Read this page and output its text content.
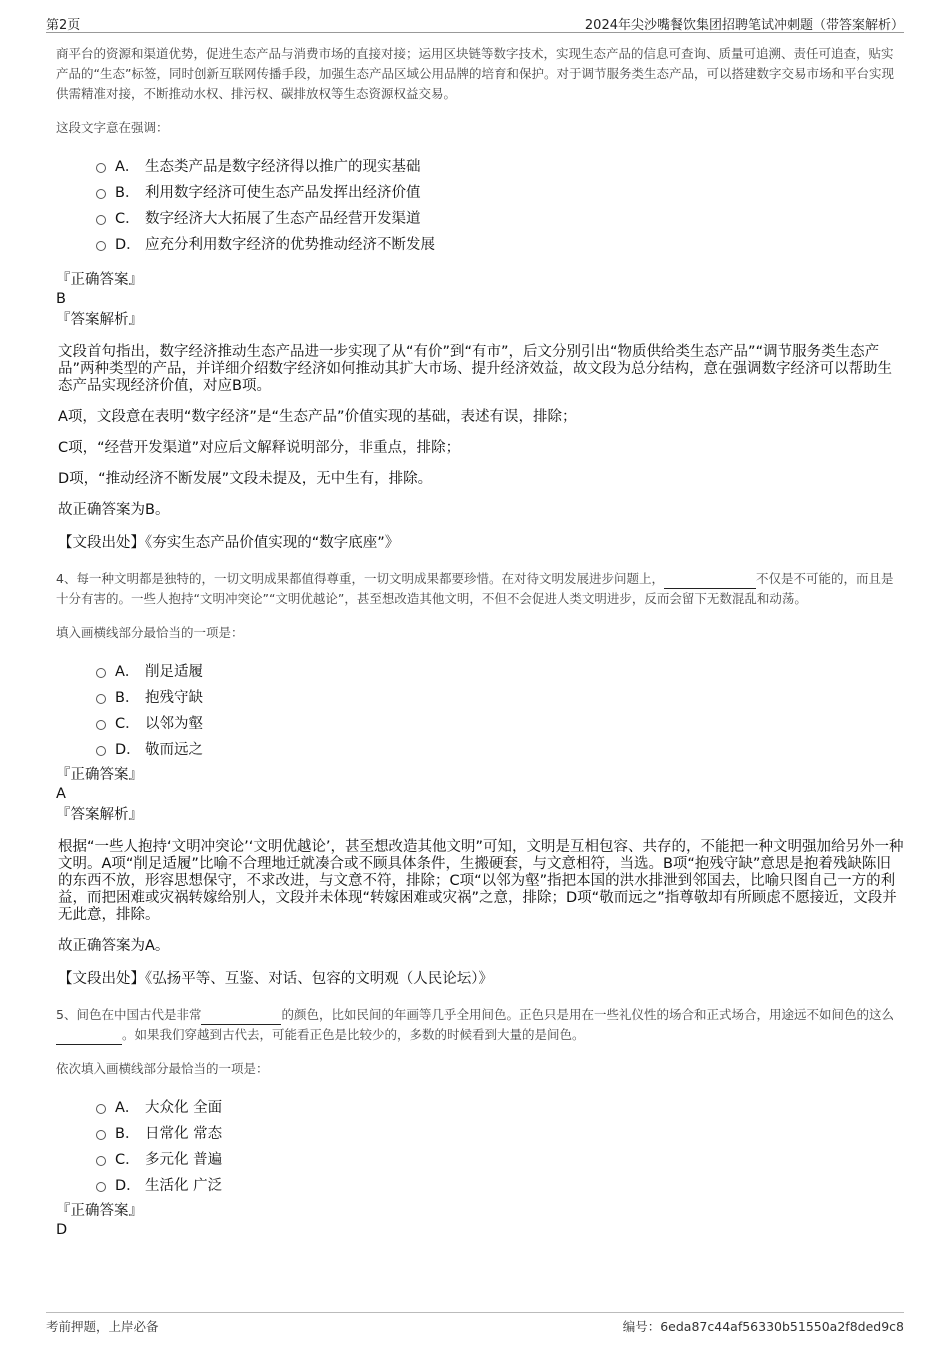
第2页	2024年尖沙嘴餐饮集团招聘笔试冲刺题（带答案解析）

商平台的资源和渠道优势，促进生态产品与消费市场的直接对接；运用区块链等数字技术，实现生态产品的信息可查询、质量可追溯、责任可追查，贴实产品的“生态”标签，同时创新互联网传播手段，加强生态产品区域公用品牌的培育和保护。对于调节服务类生态产品，可以搭建数字交易市场和平台实现供需精准对接，不断推动水权、排污权、碳排放权等生态资源权益交易。

这段文字意在强调：

A． 生态类产品是数字经济得以推广的现实基础
B． 利用数字经济可使生态产品发挥出经济价值
C． 数字经济大大拓展了生态产品经营开发渠道
D． 应充分利用数字经济的优势推动经济不断发展
『正确答案』
B
『答案解析』

文段首句指出，数字经济推动生态产品进一步实现了从“有价”到“有市”，后文分别引出“物质供给类生态产品”“调节服务类生态产品”两种类型的产品，并详细介绍数字经济如何推动其扩大市场、提升经济效益，故文段为总分结构，意在强调数字经济可以帮助生态产品实现经济价值，对应B项。

A项，文段意在表明“数字经济”是“生态产品”价值实现的基础，表述有误，排除；

C项，“经营开发渠道”对应后文解释说明部分，非重点，排除；

D项，“推动经济不断发展”文段未提及，无中生有，排除。

故正确答案为B。

【文段出处】《夯实生态产品价值实现的“数字底座”》

4、每一种文明都是独特的，一切文明成果都值得尊重，一切文明成果都要珍惜。在对待文明发展进步问题上，	不仅是不可能的，而且是十分有害的。一些人抱持“文明冲突论”“文明优越论”，甚至想改造其他文明，不但不会促进人类文明进步，反而会留下无数混乱和动荡。

填入画横线部分最恰当的一项是：

A． 削足适履
B． 抱残守缺
C． 以邻为壑
D． 敬而远之
『正确答案』
A
『答案解析』

根据“一些人抱持‘文明冲突论’‘文明优越论’，甚至想改造其他文明”可知，文明是互相包容、共存的，不能把一种文明强加给另外一种文明。A项“削足适履”比喻不合理地迁就凑合或不顾具体条件，生搬硬套，与文意相符，当选。B项“抱残守缺”意思是抱着残缺陈旧的东西不放，形容思想保守，不求改进，与文意不符，排除；C项“以邻为壑”指把本国的洪水排泄到邻国去，比喻只图自己一方的利益，而把困难或灾祸转嫁给别人，文段并未体现“转嫁困难或灾祸”之意，排除；D项“敬而远之”指尊敬却有所顾虑不愿接近，文段并无此意，排除。

故正确答案为A。

【文段出处】《弘扬平等、互鉴、对话、包容的文明观（人民论坛）》

5、间色在中国古代是非常	的颜色，比如民间的年画等几乎全用间色。正色只是用在一些礼仪性的场合和正式场合，用途远不如间色的这么。如果我们穿越到古代去，可能看正色是比较少的，多数的时候看到大量的是间色。

依次填入画横线部分最恰当的一项是：

A． 大众化 全面
B． 日常化 常态
C． 多元化 普遍
D． 生活化 广泛
『正确答案』
D
考前押题，上岸必备	编号：6eda87c44af56330b51550a2f8ded9c8
